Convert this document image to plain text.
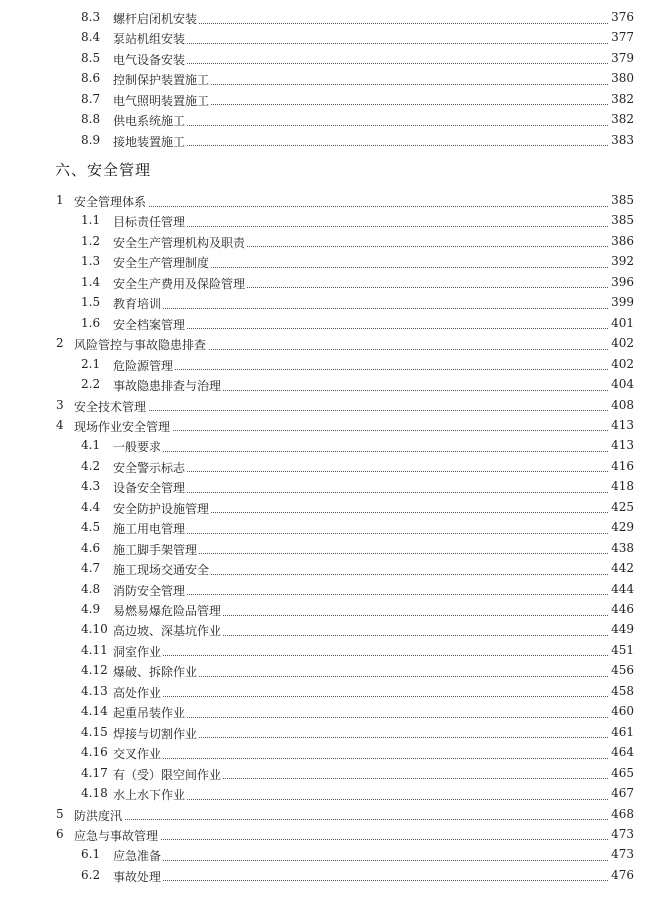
8.3 螺杆启闭机安装	376
8.4 泵站机组安装	377
8.5 电气设备安装	379
8.6 控制保护装置施工	380
8.7 电气照明装置施工	382
8.8 供电系统施工	382
8.9 接地装置施工	383
六、安全管理
1 安全管理体系	385
1.1 目标责任管理	385
1.2 安全生产管理机构及职责	386
1.3 安全生产管理制度	392
1.4 安全生产费用及保险管理	396
1.5 教育培训	399
1.6 安全档案管理	401
2 风险管控与事故隐患排查	402
2.1 危险源管理	402
2.2 事故隐患排查与治理	404
3 安全技术管理	408
4 现场作业安全管理	413
4.1 一般要求	413
4.2 安全警示标志	416
4.3 设备安全管理	418
4.4 安全防护设施管理	425
4.5 施工用电管理	429
4.6 施工脚手架管理	438
4.7 施工现场交通安全	442
4.8 消防安全管理	444
4.9 易燃易爆危险品管理	446
4.10 高边坡、深基坑作业	449
4.11 洞室作业	451
4.12 爆破、拆除作业	456
4.13 高处作业	458
4.14 起重吊装作业	460
4.15 焊接与切割作业	461
4.16 交叉作业	464
4.17 有（受）限空间作业	465
4.18 水上水下作业	467
5 防洪度汛	468
6 应急与事故管理	473
6.1 应急准备	473
6.2 事故处理	476
